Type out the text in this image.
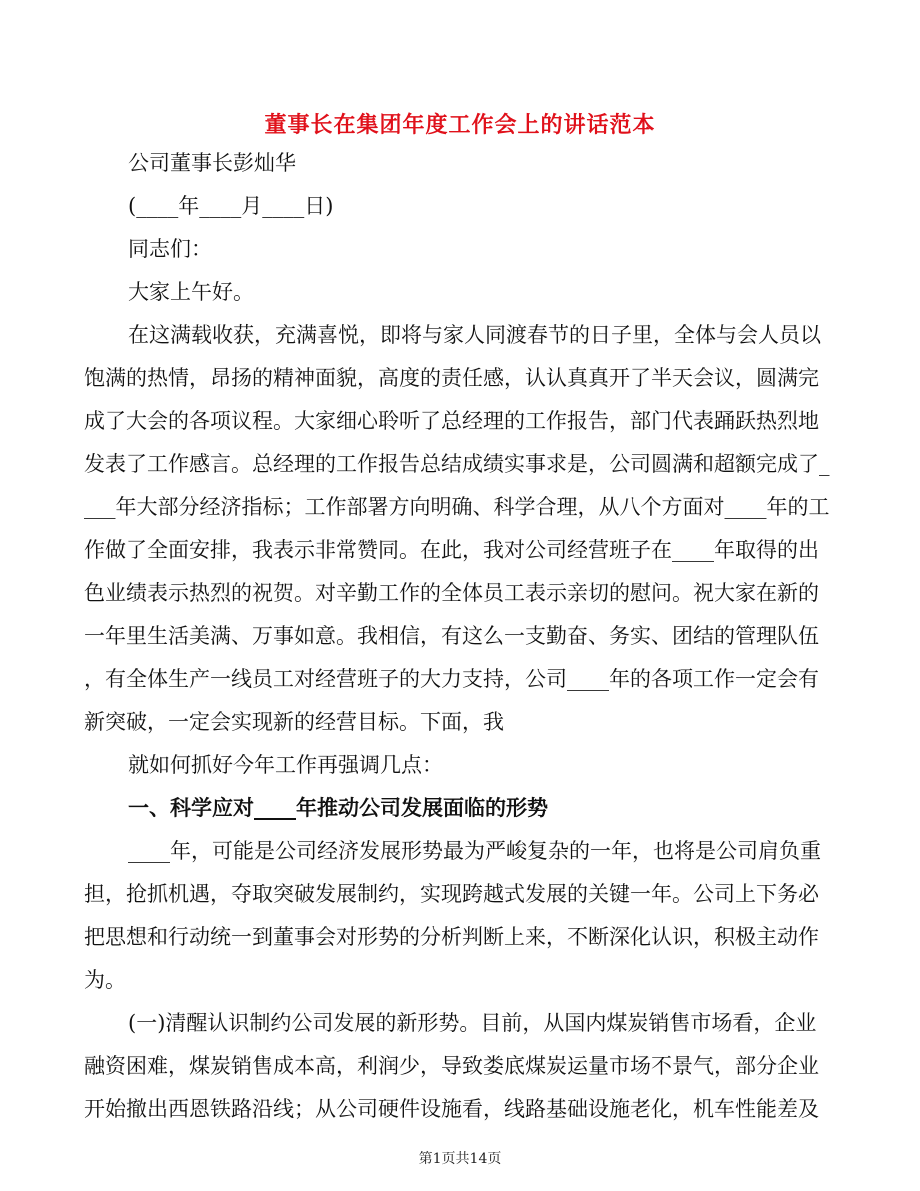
董事长在集团年度工作会上的讲话范本
公司董事长彭灿华
(____年____月____日)
同志们：
大家上午好。
在这满载收获，充满喜悦，即将与家人同渡春节的日子里，全体与会人员以
饱满的热情，昂扬的精神面貌，高度的责任感，认认真真开了半天会议，圆满完
成了大会的各项议程。大家细心聆听了总经理的工作报告，部门代表踊跃热烈地
发表了工作感言。总经理的工作报告总结成绩实事求是，公司圆满和超额完成了_
___年大部分经济指标；工作部署方向明确、科学合理，从八个方面对____年的工
作做了全面安排，我表示非常赞同。在此，我对公司经营班子在____年取得的出
色业绩表示热烈的祝贺。对辛勤工作的全体员工表示亲切的慰问。祝大家在新的
一年里生活美满、万事如意。我相信，有这么一支勤奋、务实、团结的管理队伍
，有全体生产一线员工对经营班子的大力支持，公司____年的各项工作一定会有
新突破，一定会实现新的经营目标。下面，我
就如何抓好今年工作再强调几点：
一、科学应对____年推动公司发展面临的形势
____年，可能是公司经济发展形势最为严峻复杂的一年，也将是公司肩负重
担，抢抓机遇，夺取突破发展制约，实现跨越式发展的关键一年。公司上下务必
把思想和行动统一到董事会对形势的分析判断上来，不断深化认识，积极主动作
为。
(一)清醒认识制约公司发展的新形势。目前，从国内煤炭销售市场看，企业
融资困难，煤炭销售成本高，利润少，导致娄底煤炭运量市场不景气，部分企业
开始撤出西恩铁路沿线；从公司硬件设施看，线路基础设施老化，机车性能差及
第1页共14页
